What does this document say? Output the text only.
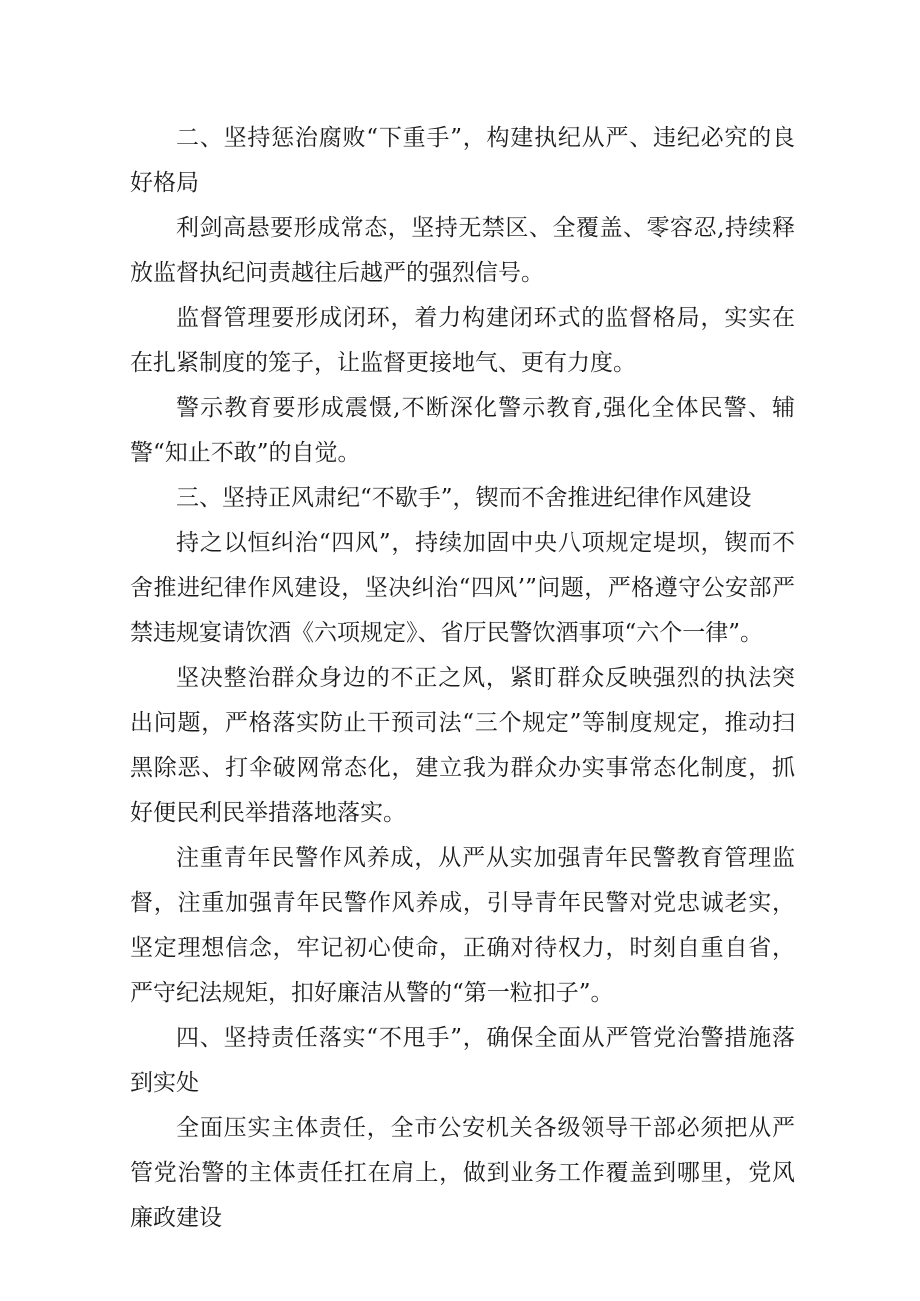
二、坚持惩治腐败“下重手”，构建执纪从严、违纪必究的良好格局

利剑高悬要形成常态，坚持无禁区、全覆盖、零容忍,持续释放监督执纪问责越往后越严的强烈信号。

监督管理要形成闭环，着力构建闭环式的监督格局，实实在在扎紧制度的笼子，让监督更接地气、更有力度。

警示教育要形成震慑,不断深化警示教育,强化全体民警、辅警“知止不敢”的自觉。

三、坚持正风肃纪“不歇手”，锲而不舍推进纪律作风建设

持之以恒纠治“四风”，持续加固中央八项规定堤坝，锲而不舍推进纪律作风建设，坚决纠治“四风’”问题，严格遵守公安部严禁违规宴请饮酒《六项规定》、省厅民警饮酒事项“六个一律”。

坚决整治群众身边的不正之风，紧盯群众反映强烈的执法突出问题，严格落实防止干预司法“三个规定”等制度规定，推动扫黑除恶、打伞破网常态化，建立我为群众办实事常态化制度，抓好便民利民举措落地落实。

注重青年民警作风养成，从严从实加强青年民警教育管理监督，注重加强青年民警作风养成，引导青年民警对党忠诚老实，坚定理想信念，牢记初心使命，正确对待权力，时刻自重自省，严守纪法规矩，扣好廉洁从警的“第一粒扣子”。

四、坚持责任落实“不甩手”，确保全面从严管党治警措施落到实处

全面压实主体责任，全市公安机关各级领导干部必须把从严管党治警的主体责任扛在肩上，做到业务工作覆盖到哪里，党风廉政建设
